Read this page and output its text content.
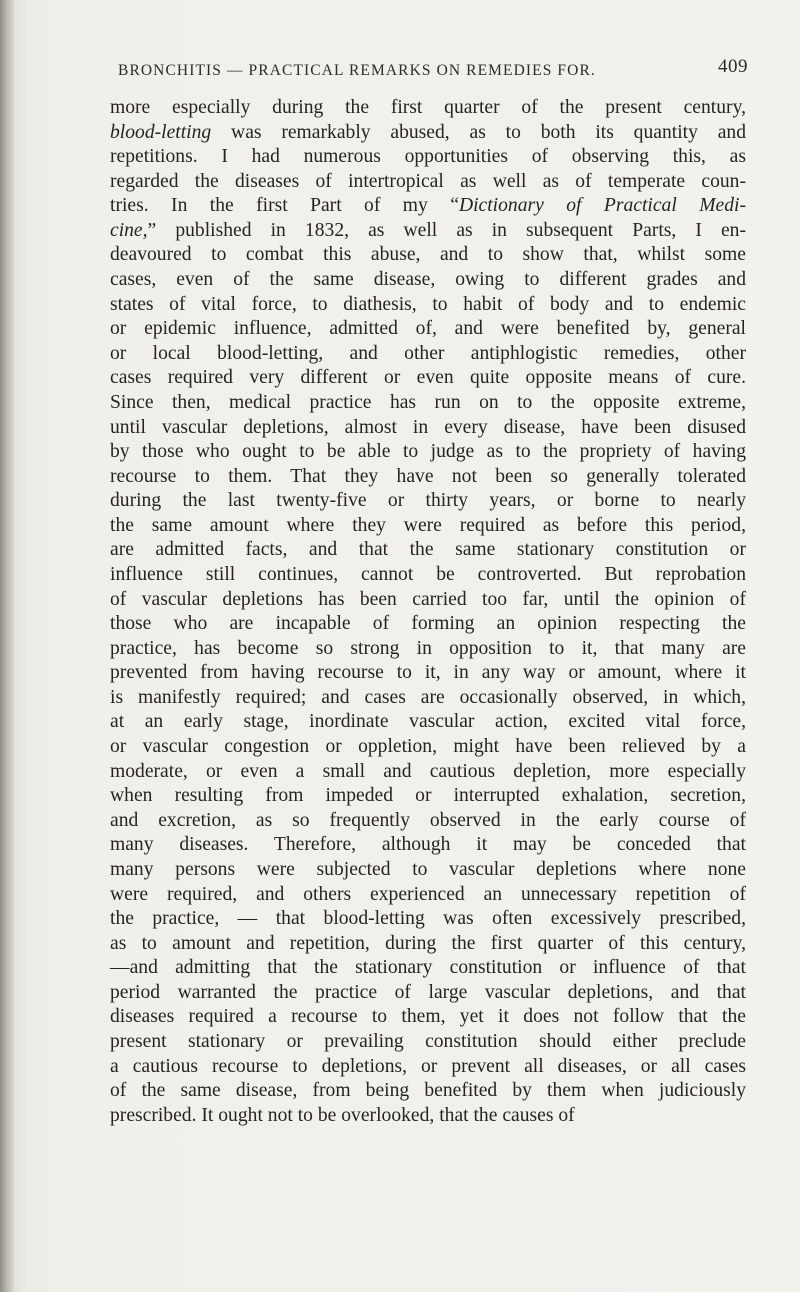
BRONCHITIS — PRACTICAL REMARKS ON REMEDIES FOR.	409
more especially during the first quarter of the present century,
blood-letting was remarkably abused, as to both its quantity and
repetitions. I had numerous opportunities of observing this, as
regarded the diseases of intertropical as well as of temperate coun-
tries. In the first Part of my “Dictionary of Practical Medi-
cine,” published in 1832, as well as in subsequent Parts, I en-
deavoured to combat this abuse, and to show that, whilst some
cases, even of the same disease, owing to different grades and
states of vital force, to diathesis, to habit of body and to endemic
or epidemic influence, admitted of, and were benefited by, general
or local blood-letting, and other antiphlogistic remedies, other
cases required very different or even quite opposite means of cure.
Since then, medical practice has run on to the opposite extreme,
until vascular depletions, almost in every disease, have been disused
by those who ought to be able to judge as to the propriety of having
recourse to them. That they have not been so generally tolerated
during the last twenty-five or thirty years, or borne to nearly
the same amount where they were required as before this period,
are admitted facts, and that the same stationary constitution or
influence still continues, cannot be controverted. But reprobation
of vascular depletions has been carried too far, until the opinion of
those who are incapable of forming an opinion respecting the
practice, has become so strong in opposition to it, that many are
prevented from having recourse to it, in any way or amount, where it
is manifestly required; and cases are occasionally observed, in which,
at an early stage, inordinate vascular action, excited vital force,
or vascular congestion or oppletion, might have been relieved by a
moderate, or even a small and cautious depletion, more especially
when resulting from impeded or interrupted exhalation, secretion,
and excretion, as so frequently observed in the early course of
many diseases. Therefore, although it may be conceded that
many persons were subjected to vascular depletions where none
were required, and others experienced an unnecessary repetition of
the practice, — that blood-letting was often excessively prescribed,
as to amount and repetition, during the first quarter of this century,
—and admitting that the stationary constitution or influence of that
period warranted the practice of large vascular depletions, and that
diseases required a recourse to them, yet it does not follow that the
present stationary or prevailing constitution should either preclude
a cautious recourse to depletions, or prevent all diseases, or all cases
of the same disease, from being benefited by them when judiciously
prescribed. It ought not to be overlooked, that the causes of
